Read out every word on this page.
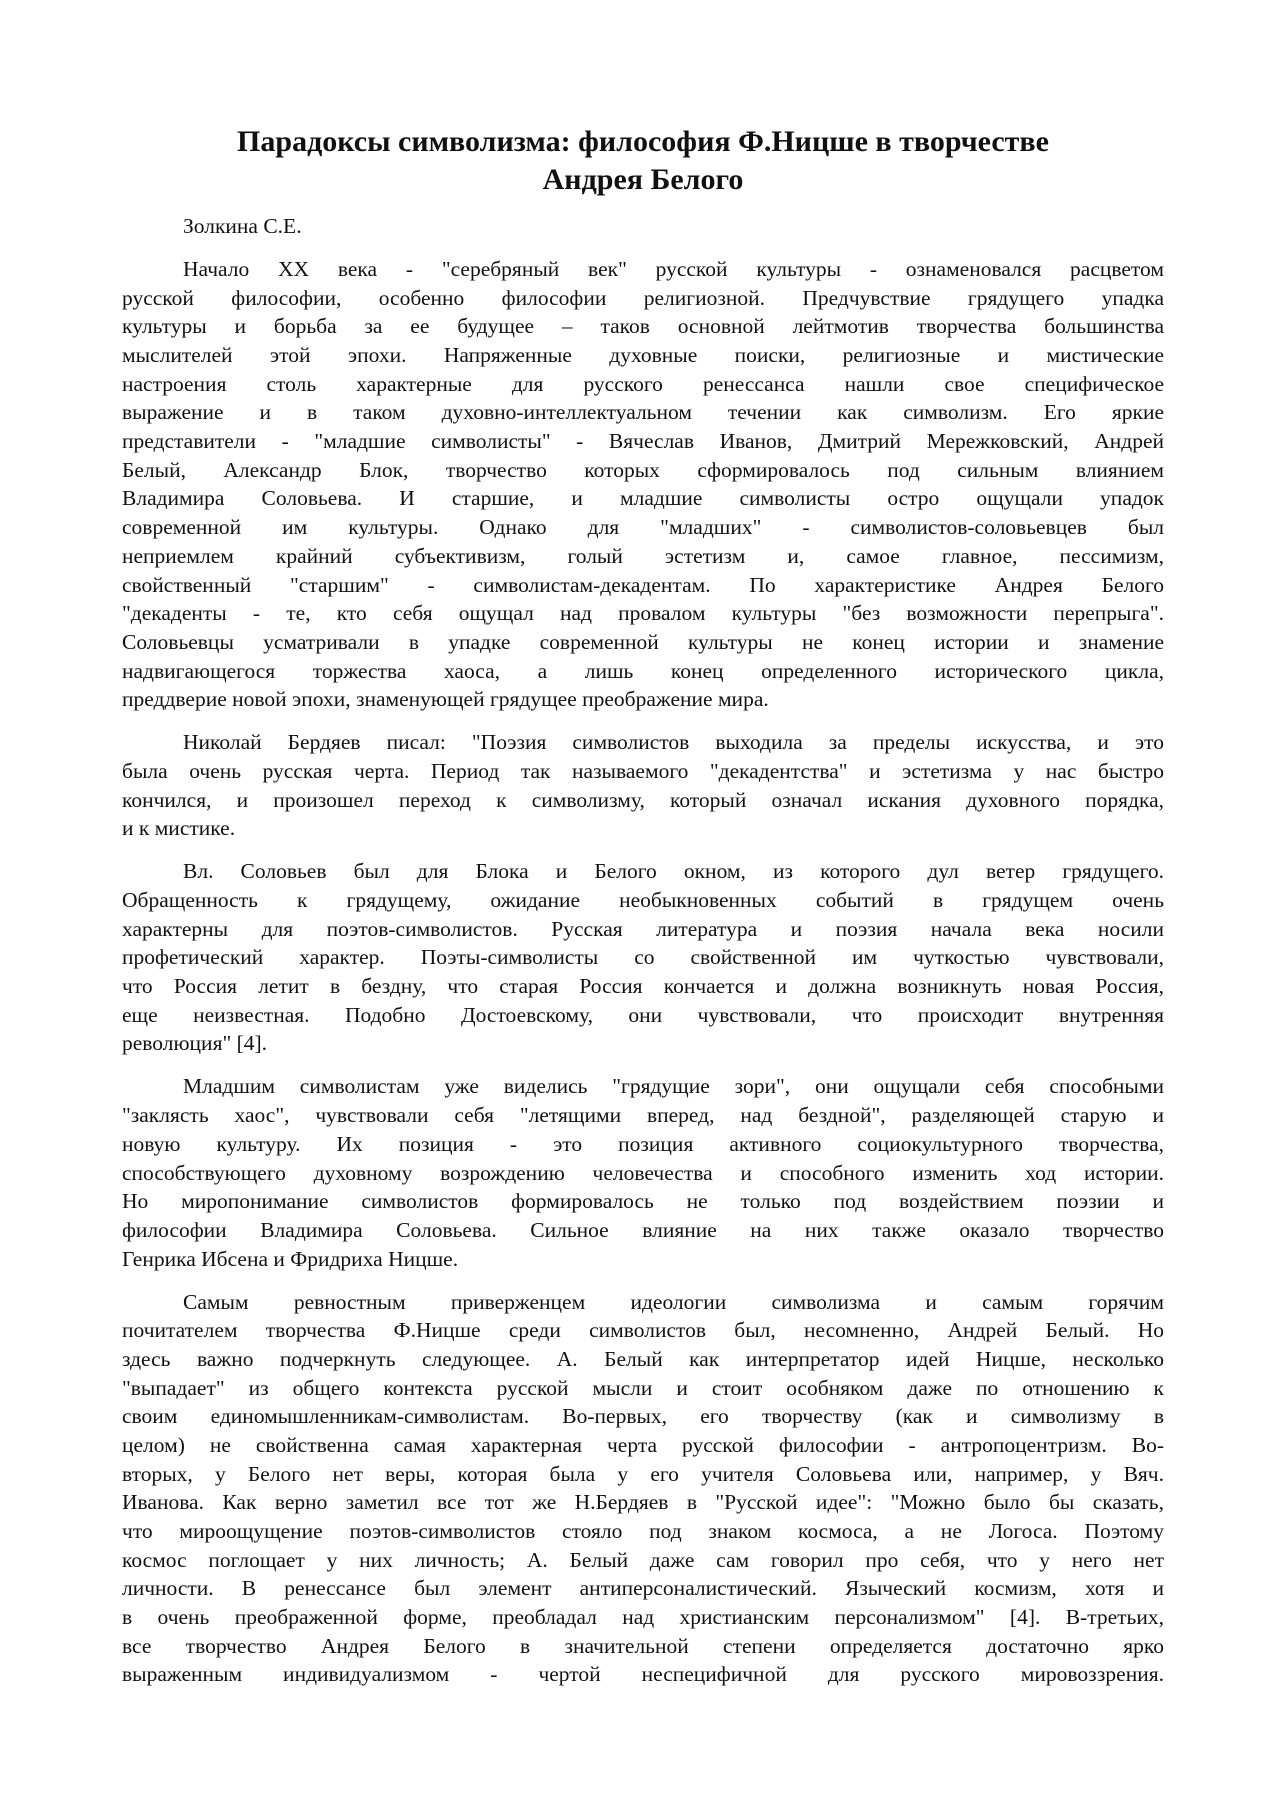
Парадоксы символизма: философия Ф.Ницше в творчестве
Андрея Белого
Золкина С.Е.
Начало XX века - "серебряный век" русской культуры - ознаменовался расцветом
русской философии, особенно философии религиозной. Предчувствие грядущего упадка
культуры и борьба за ее будущее – таков основной лейтмотив творчества большинства
мыслителей этой эпохи. Напряженные духовные поиски, религиозные и мистические
настроения столь характерные для русского ренессанса нашли свое специфическое
выражение и в таком духовно-интеллектуальном течении как символизм. Его яркие
представители - "младшие символисты" - Вячеслав Иванов, Дмитрий Мережковский, Андрей
Белый, Александр Блок, творчество которых сформировалось под сильным влиянием
Владимира Соловьева. И старшие, и младшие символисты остро ощущали упадок
современной им культуры. Однако для "младших" - символистов-соловьевцев был
неприемлем крайний субъективизм, голый эстетизм и, самое главное, пессимизм,
свойственный "старшим" - символистам-декадентам. По характеристике Андрея Белого
"декаденты - те, кто себя ощущал над провалом культуры "без возможности перепрыга".
Соловьевцы усматривали в упадке современной культуры не конец истории и знамение
надвигающегося торжества хаоса, а лишь конец определенного исторического цикла,
преддверие новой эпохи, знаменующей грядущее преображение мира.
Николай Бердяев писал: "Поэзия символистов выходила за пределы искусства, и это
была очень русская черта. Период так называемого "декадентства" и эстетизма у нас быстро
кончился, и произошел переход к символизму, который означал искания духовного порядка,
и к мистике.
Вл. Соловьев был для Блока и Белого окном, из которого дул ветер грядущего.
Обращенность к грядущему, ожидание необыкновенных событий в грядущем очень
характерны для поэтов-символистов. Русская литература и поэзия начала века носили
профетический характер. Поэты-символисты со свойственной им чуткостью чувствовали,
что Россия летит в бездну, что старая Россия кончается и должна возникнуть новая Россия,
еще неизвестная. Подобно Достоевскому, они чувствовали, что происходит внутренняя
революция" [4].
Младшим символистам уже виделись "грядущие зори", они ощущали себя способными
"заклясть хаос", чувствовали себя "летящими вперед, над бездной", разделяющей старую и
новую культуру. Их позиция - это позиция активного социокультурного творчества,
способствующего духовному возрождению человечества и способного изменить ход истории.
Но миропонимание символистов формировалось не только под воздействием поэзии и
философии Владимира Соловьева. Сильное влияние на них также оказало творчество
Генрика Ибсена и Фридриха Ницше.
Самым ревностным приверженцем идеологии символизма и самым горячим
почитателем творчества Ф.Ницше среди символистов был, несомненно, Андрей Белый. Но
здесь важно подчеркнуть следующее. А. Белый как интерпретатор идей Ницше, несколько
"выпадает" из общего контекста русской мысли и стоит особняком даже по отношению к
своим единомышленникам-символистам. Во-первых, его творчеству (как и символизму в
целом) не свойственна самая характерная черта русской философии - антропоцентризм. Во-
вторых, у Белого нет веры, которая была у его учителя Соловьева или, например, у Вяч.
Иванова. Как верно заметил все тот же Н.Бердяев в "Русской идее": "Можно было бы сказать,
что мироощущение поэтов-символистов стояло под знаком космоса, а не Логоса. Поэтому
космос поглощает у них личность; А. Белый даже сам говорил про себя, что у него нет
личности. В ренессансе был элемент антиперсоналистический. Языческий космизм, хотя и
в очень преображенной форме, преобладал над христианским персонализмом" [4]. В-третьих,
все творчество Андрея Белого в значительной степени определяется достаточно ярко
выраженным индивидуализмом - чертой неспецифичной для русского мировоззрения.
